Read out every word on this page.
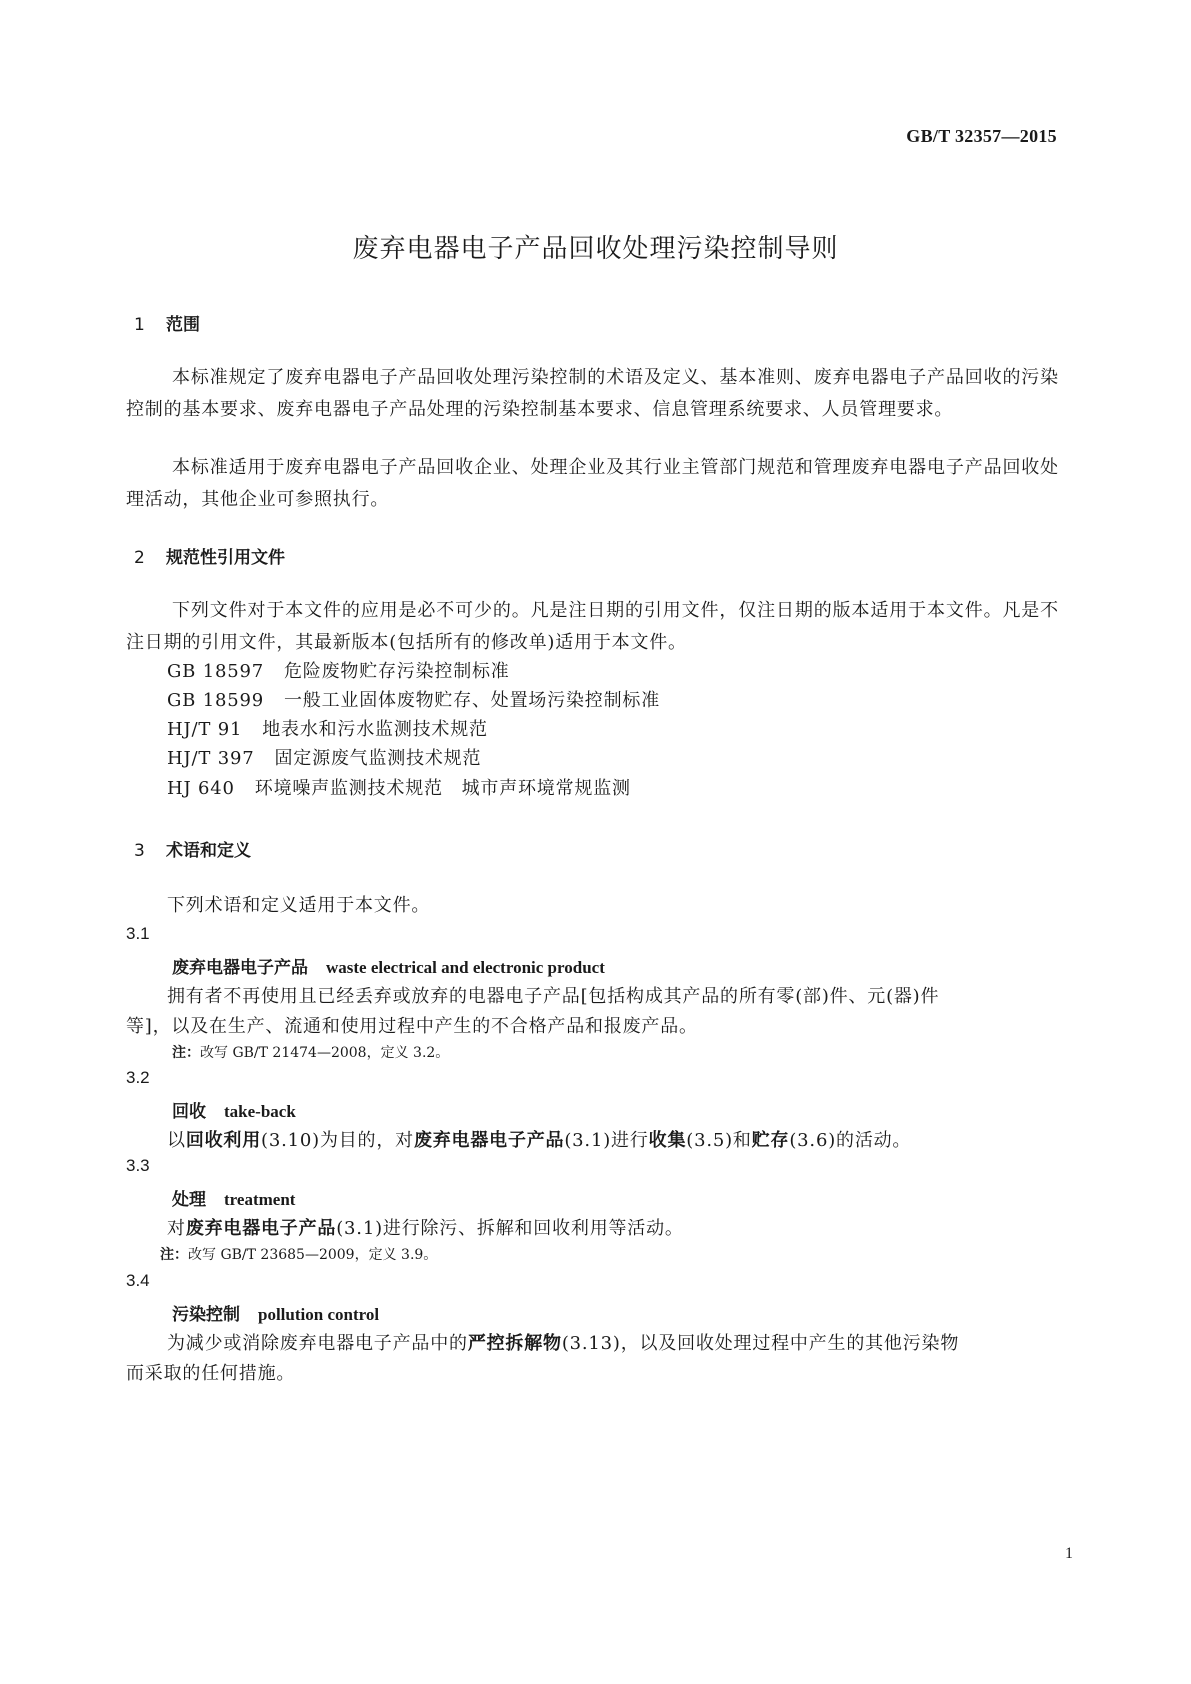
GB/T 32357—2015
废弃电器电子产品回收处理污染控制导则
1 范围
本标准规定了废弃电器电子产品回收处理污染控制的术语及定义、基本准则、废弃电器电子产品回收的污染控制的基本要求、废弃电器电子产品处理的污染控制基本要求、信息管理系统要求、人员管理要求。
本标准适用于废弃电器电子产品回收企业、处理企业及其行业主管部门规范和管理废弃电器电子产品回收处理活动，其他企业可参照执行。
2 规范性引用文件
下列文件对于本文件的应用是必不可少的。凡是注日期的引用文件，仅注日期的版本适用于本文件。凡是不注日期的引用文件，其最新版本(包括所有的修改单)适用于本文件。
GB 18597 危险废物贮存污染控制标准
GB 18599 一般工业固体废物贮存、处置场污染控制标准
HJ/T 91 地表水和污水监测技术规范
HJ/T 397 固定源废气监测技术规范
HJ 640 环境噪声监测技术规范　城市声环境常规监测
3 术语和定义
下列术语和定义适用于本文件。
3.1
废弃电器电子产品 waste electrical and electronic product
拥有者不再使用且已经丢弃或放弃的电器电子产品[包括构成其产品的所有零(部)件、元(器)件
等]，以及在生产、流通和使用过程中产生的不合格产品和报废产品。
注：改写 GB/T 21474—2008，定义 3.2。
3.2
回收 take-back
以回收利用(3.10)为目的，对废弃电器电子产品(3.1)进行收集(3.5)和贮存(3.6)的活动。
3.3
处理 treatment
对废弃电器电子产品(3.1)进行除污、拆解和回收利用等活动。
注：改写 GB/T 23685—2009，定义 3.9。
3.4
污染控制 pollution control
为减少或消除废弃电器电子产品中的严控拆解物(3.13)，以及回收处理过程中产生的其他污染物
而采取的任何措施。
1
